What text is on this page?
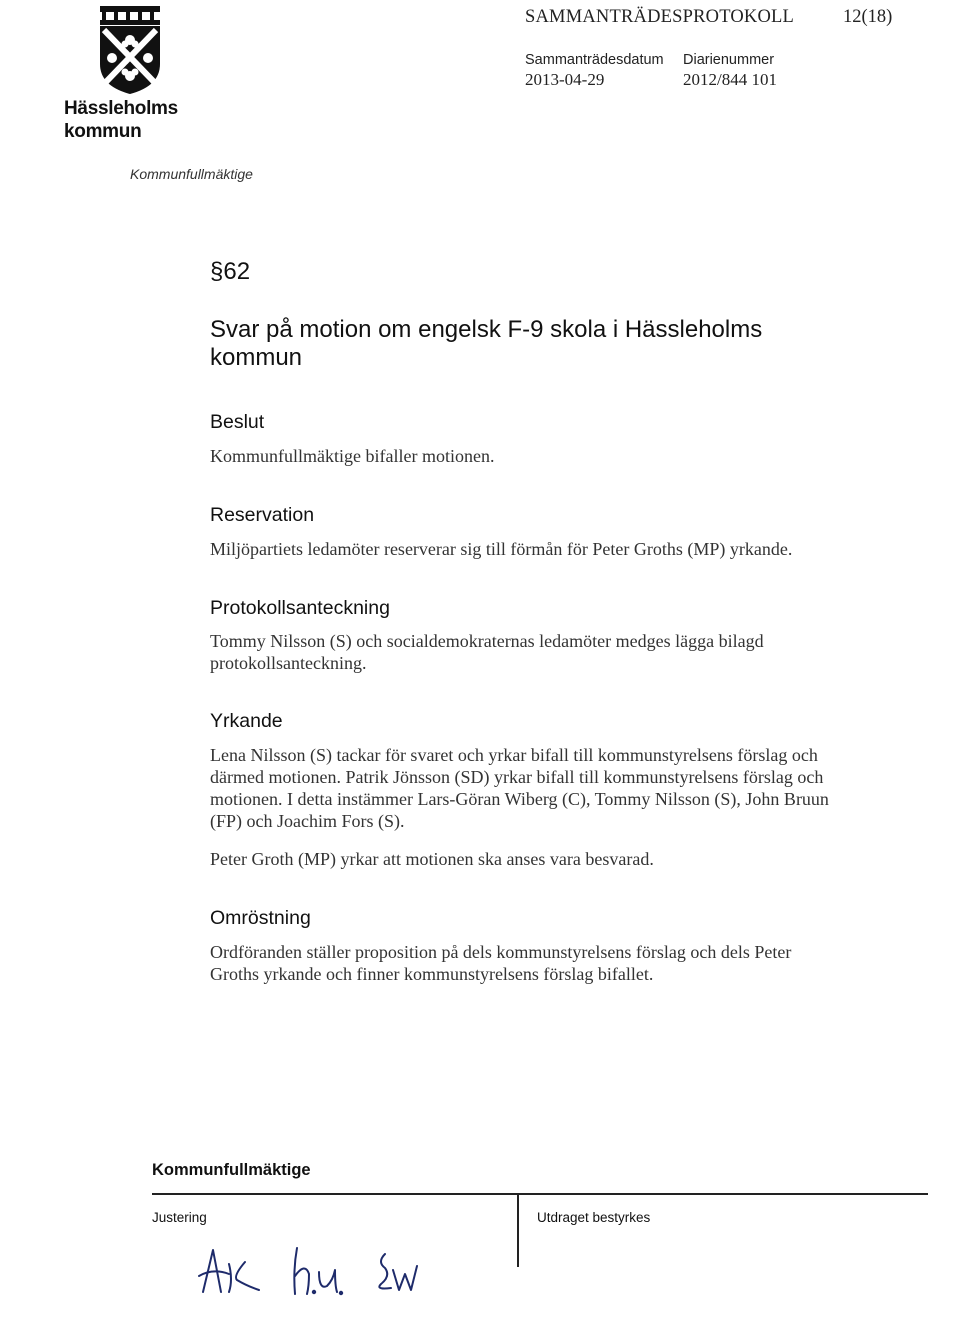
Hässleholms
kommun
SAMMANTRÄDESPROTOKOLL	12(18)
Sammanträdesdatum
2013-04-29
Diarienummer
2012/844 101
Kommunfullmäktige
§62
Svar på motion om engelsk F-9 skola i Hässleholms kommun
Beslut
Kommunfullmäktige bifaller motionen.
Reservation
Miljöpartiets ledamöter reserverar sig till förmån för Peter Groths (MP) yrkande.
Protokollsanteckning
Tommy Nilsson (S) och socialdemokraternas ledamöter medges lägga bilagd protokollsanteckning.
Yrkande
Lena Nilsson (S) tackar för svaret och yrkar bifall till kommunstyrelsens förslag och därmed motionen. Patrik Jönsson (SD) yrkar bifall till kommunstyrelsens förslag och motionen. I detta instämmer Lars-Göran Wiberg (C), Tommy Nilsson (S), John Bruun (FP) och Joachim Fors (S).
Peter Groth (MP) yrkar att motionen ska anses vara besvarad.
Omröstning
Ordföranden ställer proposition på dels kommunstyrelsens förslag och dels Peter Groths yrkande och finner kommunstyrelsens förslag bifallet.
Kommunfullmäktige
Justering	Utdraget bestyrkes
